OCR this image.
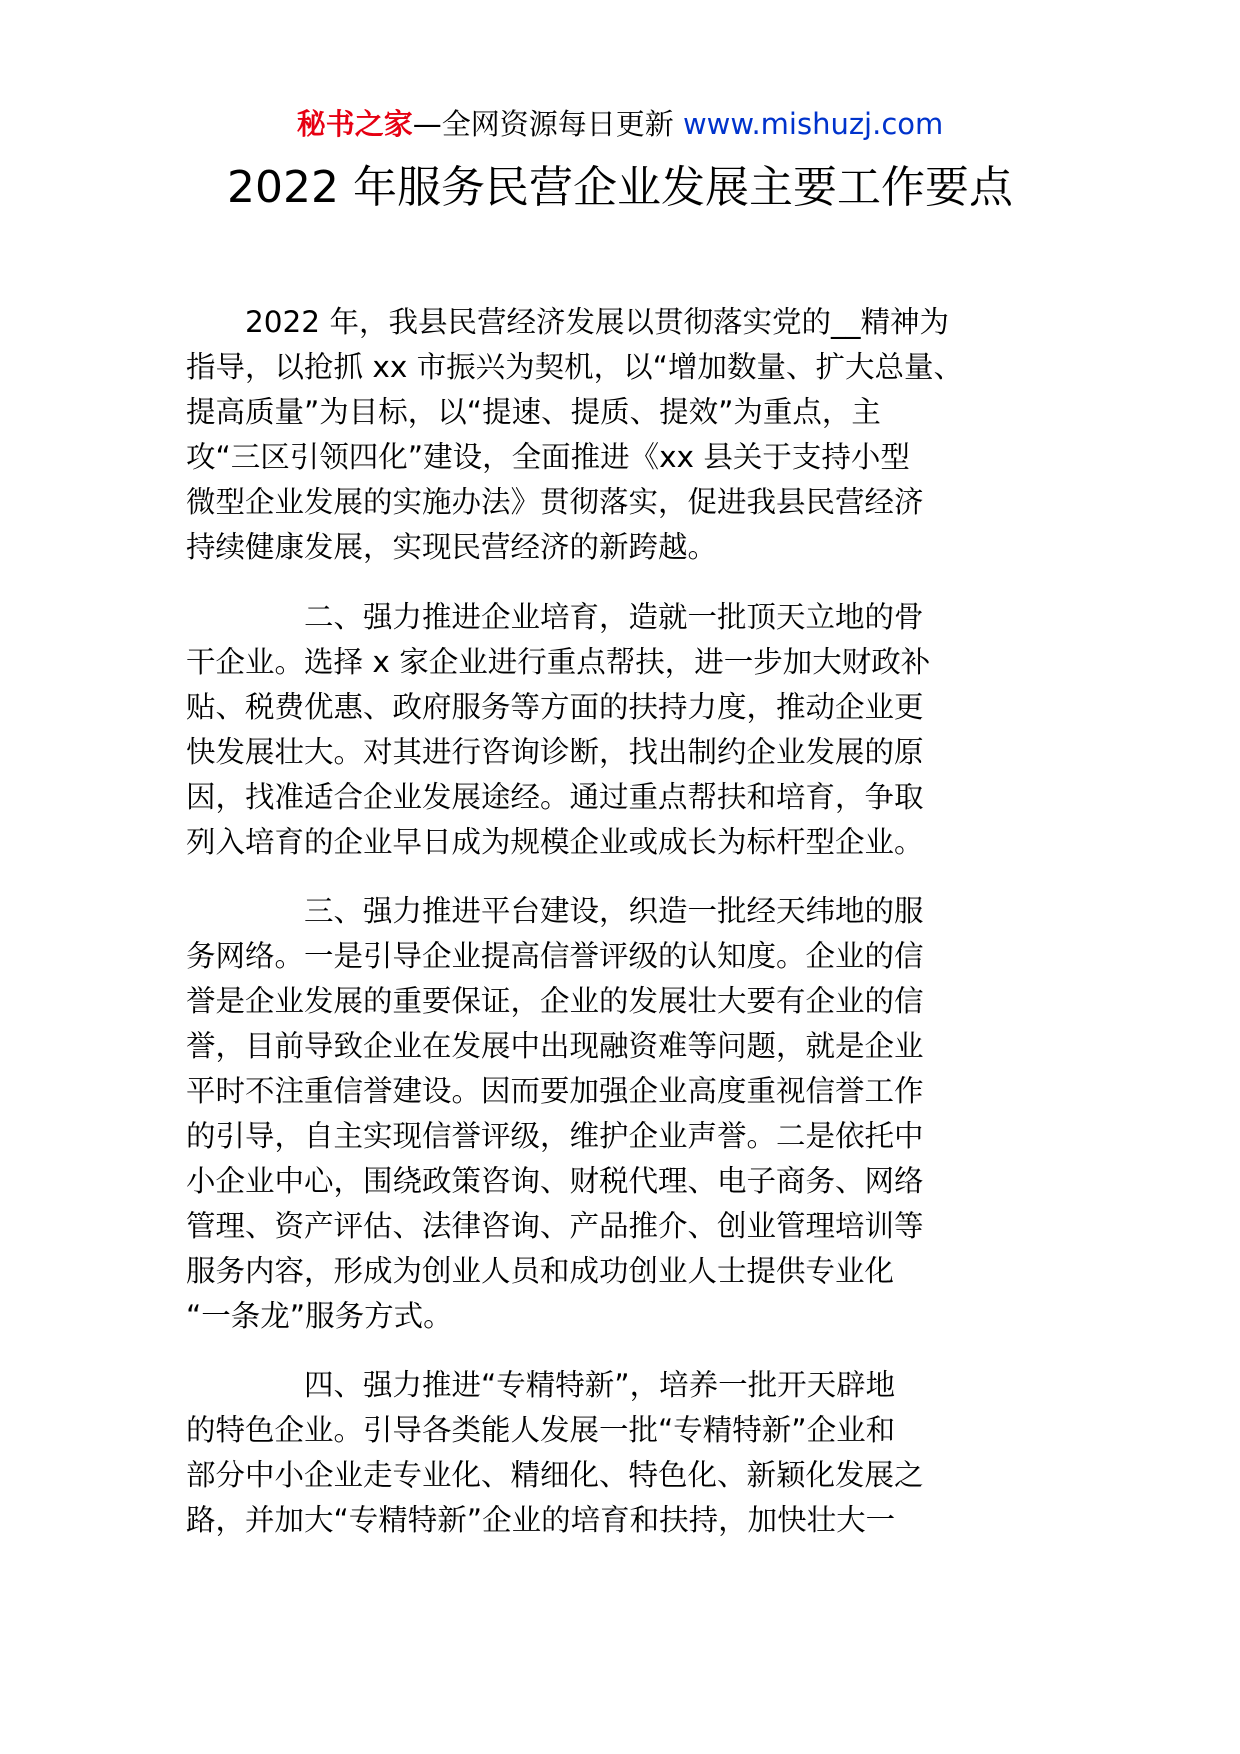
秘书之家—全网资源每日更新 www.mishuzj.com
2022 年服务民营企业发展主要工作要点
　　2022 年，我县民营经济发展以贯彻落实党的__精神为
指导，以抢抓 xx 市振兴为契机，以“增加数量、扩大总量、
提高质量”为目标，以“提速、提质、提效”为重点，主
攻“三区引领四化”建设，全面推进《xx 县关于支持小型
微型企业发展的实施办法》贯彻落实，促进我县民营经济
持续健康发展，实现民营经济的新跨越。
　　　　二、强力推进企业培育，造就一批顶天立地的骨
干企业。选择 x 家企业进行重点帮扶，进一步加大财政补
贴、税费优惠、政府服务等方面的扶持力度，推动企业更
快发展壮大。对其进行咨询诊断，找出制约企业发展的原
因，找准适合企业发展途经。通过重点帮扶和培育，争取
列入培育的企业早日成为规模企业或成长为标杆型企业。
　　　　三、强力推进平台建设，织造一批经天纬地的服
务网络。一是引导企业提高信誉评级的认知度。企业的信
誉是企业发展的重要保证，企业的发展壮大要有企业的信
誉，目前导致企业在发展中出现融资难等问题，就是企业
平时不注重信誉建设。因而要加强企业高度重视信誉工作
的引导，自主实现信誉评级，维护企业声誉。二是依托中
小企业中心，围绕政策咨询、财税代理、电子商务、网络
管理、资产评估、法律咨询、产品推介、创业管理培训等
服务内容，形成为创业人员和成功创业人士提供专业化
“一条龙”服务方式。
　　　　四、强力推进“专精特新”，培养一批开天辟地
的特色企业。引导各类能人发展一批“专精特新”企业和
部分中小企业走专业化、精细化、特色化、新颖化发展之
路，并加大“专精特新”企业的培育和扶持，加快壮大一
